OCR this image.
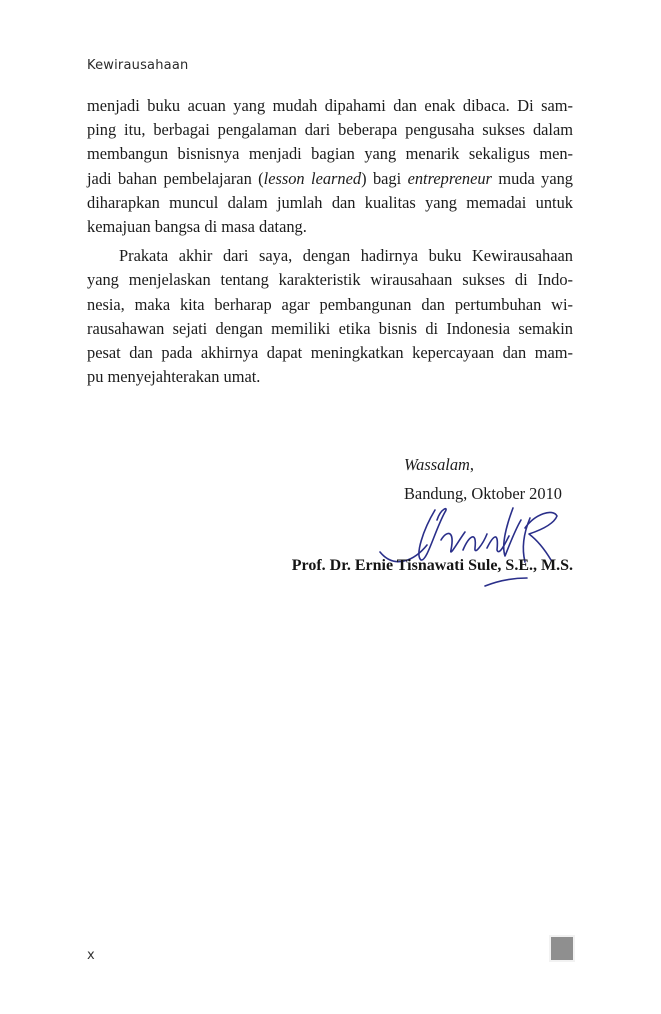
Kewirausahaan

menjadi buku acuan yang mudah dipahami dan enak dibaca. Di sam-
ping itu, berbagai pengalaman dari beberapa pengusaha sukses dalam
membangun bisnisnya menjadi bagian yang menarik sekaligus men-
jadi bahan pembelajaran (lesson learned) bagi entrepreneur muda yang
diharapkan muncul dalam jumlah dan kualitas yang memadai untuk
kemajuan bangsa di masa datang.

Prakata akhir dari saya, dengan hadirnya buku Kewirausahaan
yang menjelaskan tentang karakteristik wirausahaan sukses di Indo-
nesia, maka kita berharap agar pembangunan dan pertumbuhan wi-
rausahawan sejati dengan memiliki etika bisnis di Indonesia semakin
pesat dan pada akhirnya dapat meningkatkan kepercayaan dan mam-
pu menyejahterakan umat.

Wassalam,
Bandung, Oktober 2010
Prof. Dr. Ernie Tisnawati Sule, S.E., M.S.
x
